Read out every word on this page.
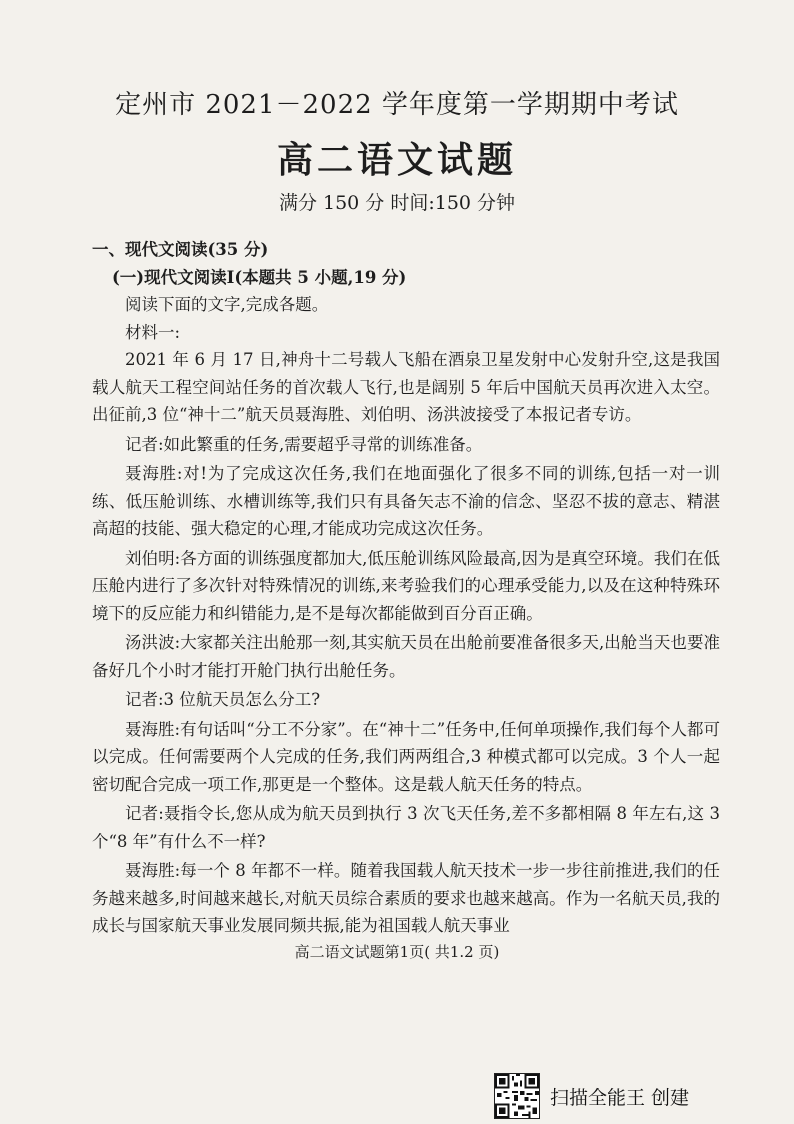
定州市 2021－2022 学年度第一学期期中考试
高二语文试题
满分 150 分 时间:150 分钟

一、现代文阅读(35 分)

(一)现代文阅读Ⅰ(本题共 5 小题,19 分)

阅读下面的文字,完成各题。

材料一:

2021 年 6 月 17 日,神舟十二号载人飞船在酒泉卫星发射中心发射升空,这是我国载人航天工程空间站任务的首次载人飞行,也是阔别 5 年后中国航天员再次进入太空。出征前,3 位“神十二”航天员聂海胜、刘伯明、汤洪波接受了本报记者专访。

记者:如此繁重的任务,需要超乎寻常的训练准备。

聂海胜:对!为了完成这次任务,我们在地面强化了很多不同的训练,包括一对一训练、低压舱训练、水槽训练等,我们只有具备矢志不渝的信念、坚忍不拔的意志、精湛高超的技能、强大稳定的心理,才能成功完成这次任务。

刘伯明:各方面的训练强度都加大,低压舱训练风险最高,因为是真空环境。我们在低压舱内进行了多次针对特殊情况的训练,来考验我们的心理承受能力,以及在这种特殊环境下的反应能力和纠错能力,是不是每次都能做到百分百正确。

汤洪波:大家都关注出舱那一刻,其实航天员在出舱前要准备很多天,出舱当天也要准备好几个小时才能打开舱门执行出舱任务。

记者:3 位航天员怎么分工?

聂海胜:有句话叫“分工不分家”。在“神十二”任务中,任何单项操作,我们每个人都可以完成。任何需要两个人完成的任务,我们两两组合,3 种模式都可以完成。3 个人一起密切配合完成一项工作,那更是一个整体。这是载人航天任务的特点。

记者:聂指令长,您从成为航天员到执行 3 次飞天任务,差不多都相隔 8 年左右,这 3 个“8 年”有什么不一样?

聂海胜:每一个 8 年都不一样。随着我国载人航天技术一步一步往前推进,我们的任务越来越多,时间越来越长,对航天员综合素质的要求也越来越高。作为一名航天员,我的成长与国家航天事业发展同频共振,能为祖国载人航天事业

高二语文试题第1页( 共1.2 页)
扫描全能王 创建
